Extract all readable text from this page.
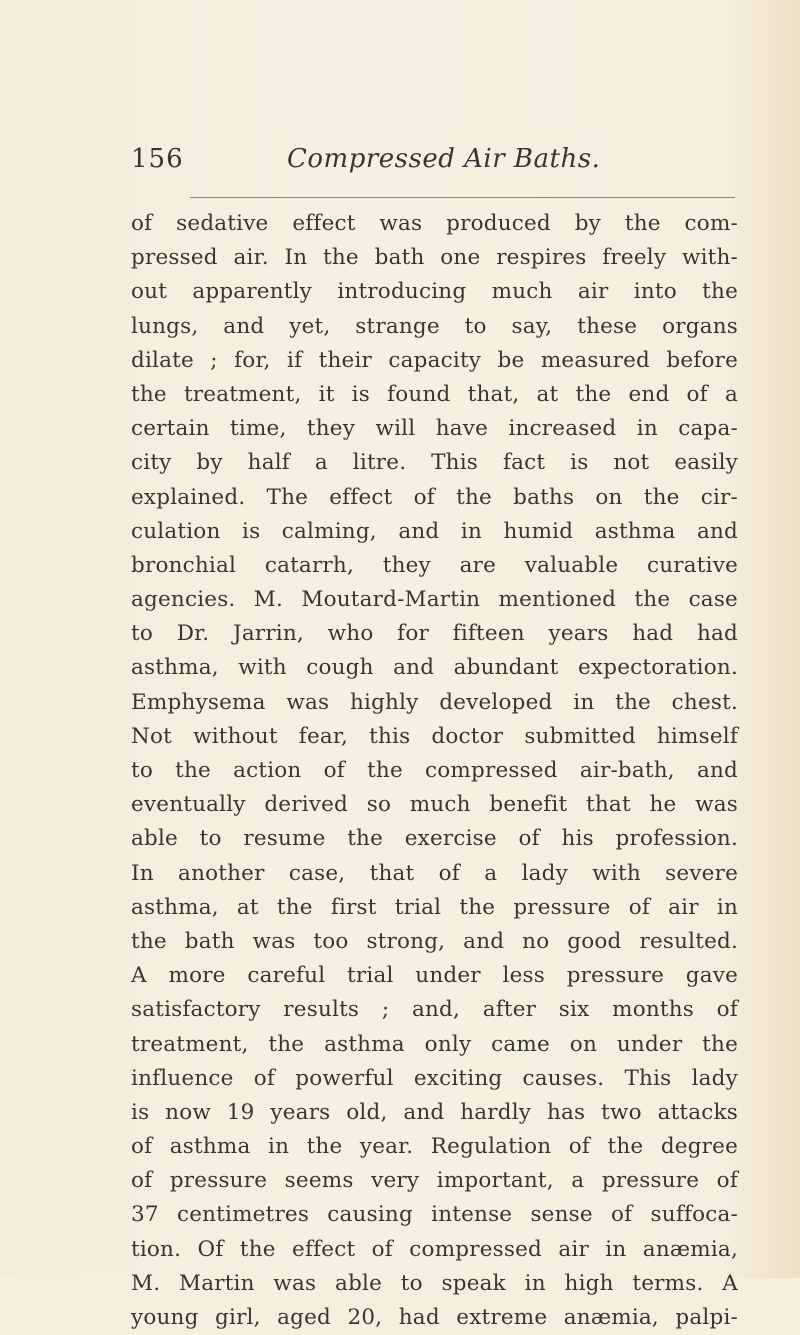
156	Compressed Air Baths.
of sedative effect was produced by the com-
pressed air. In the bath one respires freely with-
out apparently introducing much air into the
lungs, and yet, strange to say, these organs
dilate ; for, if their capacity be measured before
the treatment, it is found that, at the end of a
certain time, they will have increased in capa-
city by half a litre. This fact is not easily
explained. The effect of the baths on the cir-
culation is calming, and in humid asthma and
bronchial catarrh, they are valuable curative
agencies. M. Moutard-Martin mentioned the case
to Dr. Jarrin, who for fifteen years had had
asthma, with cough and abundant expectoration.
Emphysema was highly developed in the chest.
Not without fear, this doctor submitted himself
to the action of the compressed air-bath, and
eventually derived so much benefit that he was
able to resume the exercise of his profession.
In another case, that of a lady with severe
asthma, at the first trial the pressure of air in
the bath was too strong, and no good resulted.
A more careful trial under less pressure gave
satisfactory results ; and, after six months of
treatment, the asthma only came on under the
influence of powerful exciting causes. This lady
is now 19 years old, and hardly has two attacks
of asthma in the year. Regulation of the degree
of pressure seems very important, a pressure of
37 centimetres causing intense sense of suffoca-
tion. Of the effect of compressed air in anæmia,
M. Martin was able to speak in high terms. A
young girl, aged 20, had extreme anæmia, palpi-
